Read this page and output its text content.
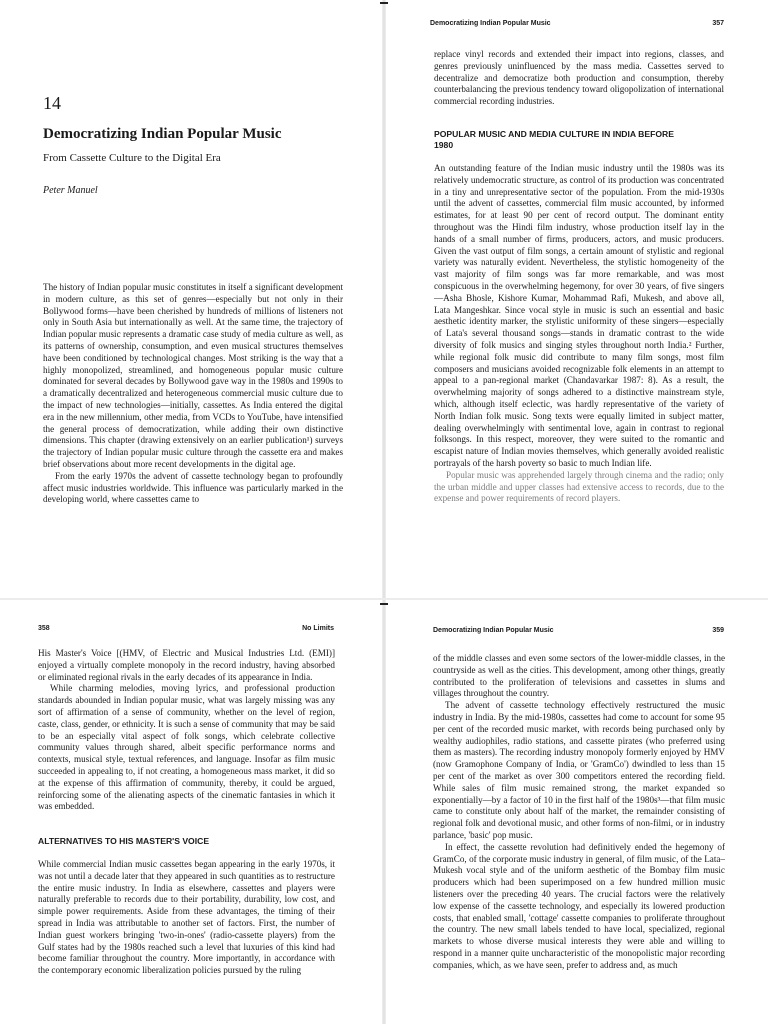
14
Democratizing Indian Popular Music
From Cassette Culture to the Digital Era
Peter Manuel

The history of Indian popular music constitutes in itself a significant development in modern culture, as this set of genres—especially but not only in their Bollywood forms—have been cherished by hundreds of millions of listeners not only in South Asia but internationally as well. At the same time, the trajectory of Indian popular music represents a dramatic case study of media culture as well, as its patterns of ownership, consumption, and even musical structures themselves have been conditioned by technological changes. Most striking is the way that a highly monopolized, streamlined, and homogeneous popular music culture dominated for several decades by Bollywood gave way in the 1980s and 1990s to a dramatically decentralized and heterogeneous commercial music culture due to the impact of new technologies—initially, cassettes. As India entered the digital era in the new millennium, other media, from VCDs to YouTube, have intensified the general process of democratization, while adding their own distinctive dimensions. This chapter (drawing extensively on an earlier publication¹) surveys the trajectory of Indian popular music culture through the cassette era and makes brief observations about more recent developments in the digital age.

From the early 1970s the advent of cassette technology began to profoundly affect music industries worldwide. This influence was particularly marked in the developing world, where cassettes came to

Democratizing Indian Popular Music	357

replace vinyl records and extended their impact into regions, classes, and genres previously uninfluenced by the mass media. Cassettes served to decentralize and democratize both production and consumption, thereby counterbalancing the previous tendency toward oligopolization of international commercial recording industries.

POPULAR MUSIC AND MEDIA CULTURE IN INDIA BEFORE 1980

An outstanding feature of the Indian music industry until the 1980s was its relatively undemocratic structure, as control of its production was concentrated in a tiny and unrepresentative sector of the population. From the mid-1930s until the advent of cassettes, commercial film music accounted, by informed estimates, for at least 90 per cent of record output. The dominant entity throughout was the Hindi film industry, whose production itself lay in the hands of a small number of firms, producers, actors, and music producers. Given the vast output of film songs, a certain amount of stylistic and regional variety was naturally evident. Nevertheless, the stylistic homogeneity of the vast majority of film songs was far more remarkable, and was most conspicuous in the overwhelming hegemony, for over 30 years, of five singers—Asha Bhosle, Kishore Kumar, Mohammad Rafi, Mukesh, and above all, Lata Mangeshkar. Since vocal style in music is such an essential and basic aesthetic identity marker, the stylistic uniformity of these singers—especially of Lata's several thousand songs—stands in dramatic contrast to the wide diversity of folk musics and singing styles throughout north India.² Further, while regional folk music did contribute to many film songs, most film composers and musicians avoided recognizable folk elements in an attempt to appeal to a pan-regional market (Chandavarkar 1987: 8). As a result, the overwhelming majority of songs adhered to a distinctive mainstream style, which, although itself eclectic, was hardly representative of the variety of North Indian folk music. Song texts were equally limited in subject matter, dealing overwhelmingly with sentimental love, again in contrast to regional folksongs. In this respect, moreover, they were suited to the romantic and escapist nature of Indian movies themselves, which generally avoided realistic portrayals of the harsh poverty so basic to much Indian life.

Popular music was apprehended largely through cinema and the radio; only the urban middle and upper classes had extensive access to records, due to the expense and power requirements of record players.

358	No Limits

His Master's Voice [(HMV, of Electric and Musical Industries Ltd. (EMI)] enjoyed a virtually complete monopoly in the record industry, having absorbed or eliminated regional rivals in the early decades of its appearance in India.

While charming melodies, moving lyrics, and professional production standards abounded in Indian popular music, what was largely missing was any sort of affirmation of a sense of community, whether on the level of region, caste, class, gender, or ethnicity. It is such a sense of community that may be said to be an especially vital aspect of folk songs, which celebrate collective community values through shared, albeit specific performance norms and contexts, musical style, textual references, and language. Insofar as film music succeeded in appealing to, if not creating, a homogeneous mass market, it did so at the expense of this affirmation of community, thereby, it could be argued, reinforcing some of the alienating aspects of the cinematic fantasies in which it was embedded.

ALTERNATIVES TO HIS MASTER'S VOICE

While commercial Indian music cassettes began appearing in the early 1970s, it was not until a decade later that they appeared in such quantities as to restructure the entire music industry. In India as elsewhere, cassettes and players were naturally preferable to records due to their portability, durability, low cost, and simple power requirements. Aside from these advantages, the timing of their spread in India was attributable to another set of factors. First, the number of Indian guest workers bringing 'two-in-ones' (radio-cassette players) from the Gulf states had by the 1980s reached such a level that luxuries of this kind had become familiar throughout the country. More importantly, in accordance with the contemporary economic liberalization policies pursued by the ruling

Democratizing Indian Popular Music	359

of the middle classes and even some sectors of the lower-middle classes, in the countryside as well as the cities. This development, among other things, greatly contributed to the proliferation of televisions and cassettes in slums and villages throughout the country.

The advent of cassette technology effectively restructured the music industry in India. By the mid-1980s, cassettes had come to account for some 95 per cent of the recorded music market, with records being purchased only by wealthy audiophiles, radio stations, and cassette pirates (who preferred using them as masters). The recording industry monopoly formerly enjoyed by HMV (now Gramophone Company of India, or 'GramCo') dwindled to less than 15 per cent of the market as over 300 competitors entered the recording field. While sales of film music remained strong, the market expanded so exponentially—by a factor of 10 in the first half of the 1980s³—that film music came to constitute only about half of the market, the remainder consisting of regional folk and devotional music, and other forms of non-filmi, or in industry parlance, 'basic' pop music.

In effect, the cassette revolution had definitively ended the hegemony of GramCo, of the corporate music industry in general, of film music, of the Lata–Mukesh vocal style and of the uniform aesthetic of the Bombay film music producers which had been superimposed on a few hundred million music listeners over the preceding 40 years. The crucial factors were the relatively low expense of the cassette technology, and especially its lowered production costs, that enabled small, 'cottage' cassette companies to proliferate throughout the country. The new small labels tended to have local, specialized, regional markets to whose diverse musical interests they were able and willing to respond in a manner quite uncharacteristic of the monopolistic major recording companies, which, as we have seen, prefer to address and, as much
